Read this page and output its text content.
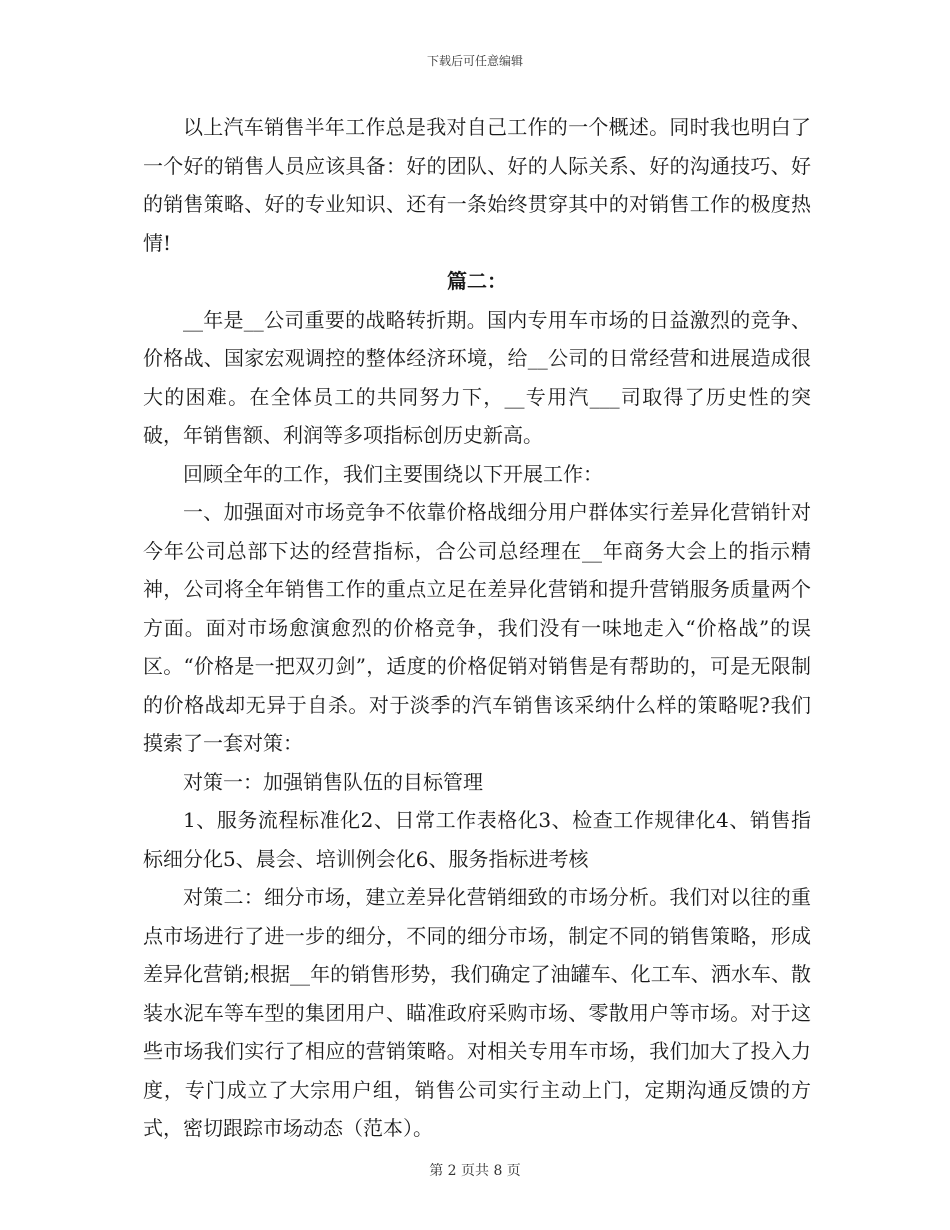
下载后可任意编辑

以上汽车销售半年工作总是我对自己工作的一个概述。同时我也明白了一个好的销售人员应该具备：好的团队、好的人际关系、好的沟通技巧、好的销售策略、好的专业知识、还有一条始终贯穿其中的对销售工作的极度热情!

篇二：

__年是__公司重要的战略转折期。国内专用车市场的日益激烈的竞争、价格战、国家宏观调控的整体经济环境，给__公司的日常经营和进展造成很大的困难。在全体员工的共同努力下，__专用汽___司取得了历史性的突破，年销售额、利润等多项指标创历史新高。

回顾全年的工作，我们主要围绕以下开展工作：

一、加强面对市场竞争不依靠价格战细分用户群体实行差异化营销针对今年公司总部下达的经营指标，合公司总经理在__年商务大会上的指示精神，公司将全年销售工作的重点立足在差异化营销和提升营销服务质量两个方面。面对市场愈演愈烈的价格竞争，我们没有一味地走入“价格战”的误区。“价格是一把双刃剑”，适度的价格促销对销售是有帮助的，可是无限制的价格战却无异于自杀。对于淡季的汽车销售该采纳什么样的策略呢?我们摸索了一套对策：

对策一：加强销售队伍的目标管理

1、服务流程标准化2、日常工作表格化3、检查工作规律化4、销售指标细分化5、晨会、培训例会化6、服务指标进考核

对策二：细分市场，建立差异化营销细致的市场分析。我们对以往的重点市场进行了进一步的细分，不同的细分市场，制定不同的销售策略，形成差异化营销;根据__年的销售形势，我们确定了油罐车、化工车、洒水车、散装水泥车等车型的集团用户、瞄准政府采购市场、零散用户等市场。对于这些市场我们实行了相应的营销策略。对相关专用车市场，我们加大了投入力度，专门成立了大宗用户组，销售公司实行主动上门，定期沟通反馈的方式，密切跟踪市场动态（范本）。

第 2 页共 8 页
